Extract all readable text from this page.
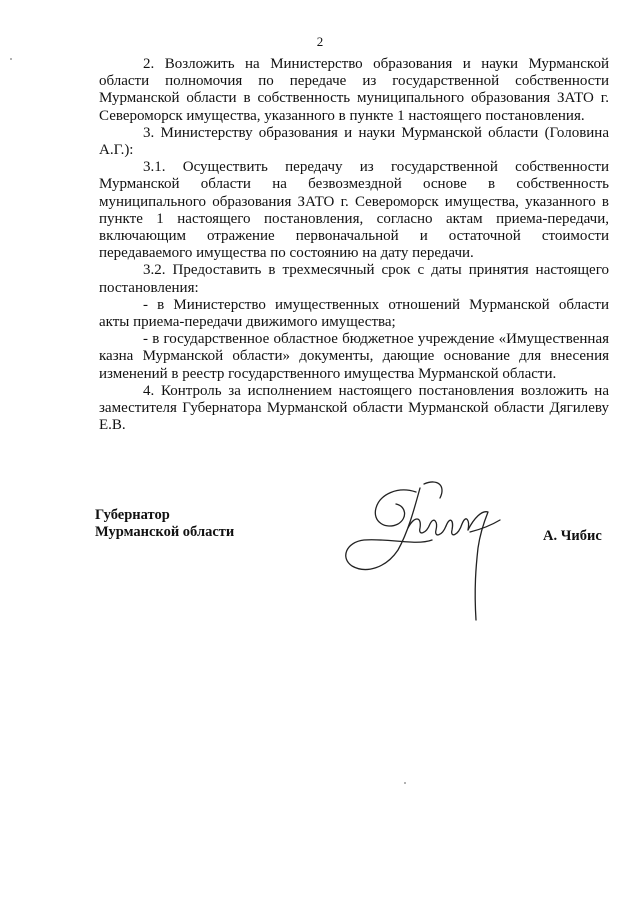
2

2. Возложить на Министерство образования и науки Мурманской области полномочия по передаче из государственной собственности Мурманской области в собственность муниципального образования ЗАТО г. Североморск имущества, указанного в пункте 1 настоящего постановления.

3. Министерству образования и науки Мурманской области (Головина А.Г.):

3.1. Осуществить передачу из государственной собственности Мурманской области на безвозмездной основе в собственность муниципального образования ЗАТО г. Североморск имущества, указанного в пункте 1 настоящего постановления, согласно актам приема-передачи, включающим отражение первоначальной и остаточной стоимости передаваемого имущества по состоянию на дату передачи.

3.2. Предоставить в трехмесячный срок с даты принятия настоящего постановления:

- в Министерство имущественных отношений Мурманской области акты приема-передачи движимого имущества;

- в государственное областное бюджетное учреждение «Имущественная казна Мурманской области» документы, дающие основание для внесения изменений в реестр государственного имущества Мурманской области.

4. Контроль за исполнением настоящего постановления возложить на заместителя Губернатора Мурманской области Мурманской области Дягилеву Е.В.

Губернатор
Мурманской области	А. Чибис
